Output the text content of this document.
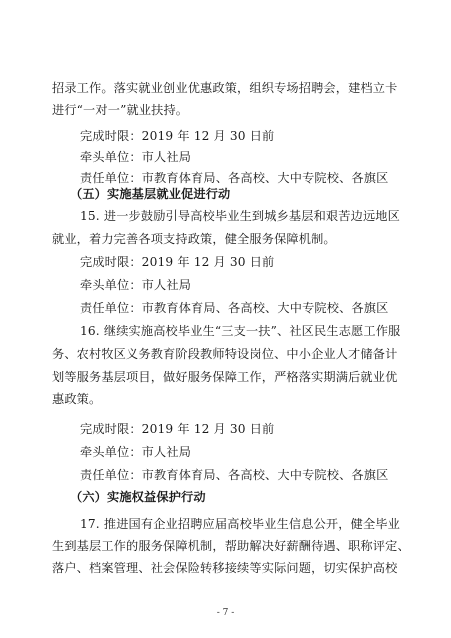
招录工作。落实就业创业优惠政策，组织专场招聘会，建档立卡
进行“一对一”就业扶持。
完成时限：2019 年 12 月 30 日前
牵头单位：市人社局
责任单位：市教育体育局、各高校、大中专院校、各旗区
（五）实施基层就业促进行动
15. 进一步鼓励引导高校毕业生到城乡基层和艰苦边远地区
就业，着力完善各项支持政策，健全服务保障机制。
完成时限：2019 年 12 月 30 日前
牵头单位：市人社局
责任单位：市教育体育局、各高校、大中专院校、各旗区
16. 继续实施高校毕业生“三支一扶”、社区民生志愿工作服
务、农村牧区义务教育阶段教师特设岗位、中小企业人才储备计
划等服务基层项目，做好服务保障工作，严格落实期满后就业优
惠政策。
完成时限：2019 年 12 月 30 日前
牵头单位：市人社局
责任单位：市教育体育局、各高校、大中专院校、各旗区
（六）实施权益保护行动
17. 推进国有企业招聘应届高校毕业生信息公开，健全毕业
生到基层工作的服务保障机制，帮助解决好薪酬待遇、职称评定、
落户、档案管理、社会保险转移接续等实际问题，切实保护高校
- 7 -
